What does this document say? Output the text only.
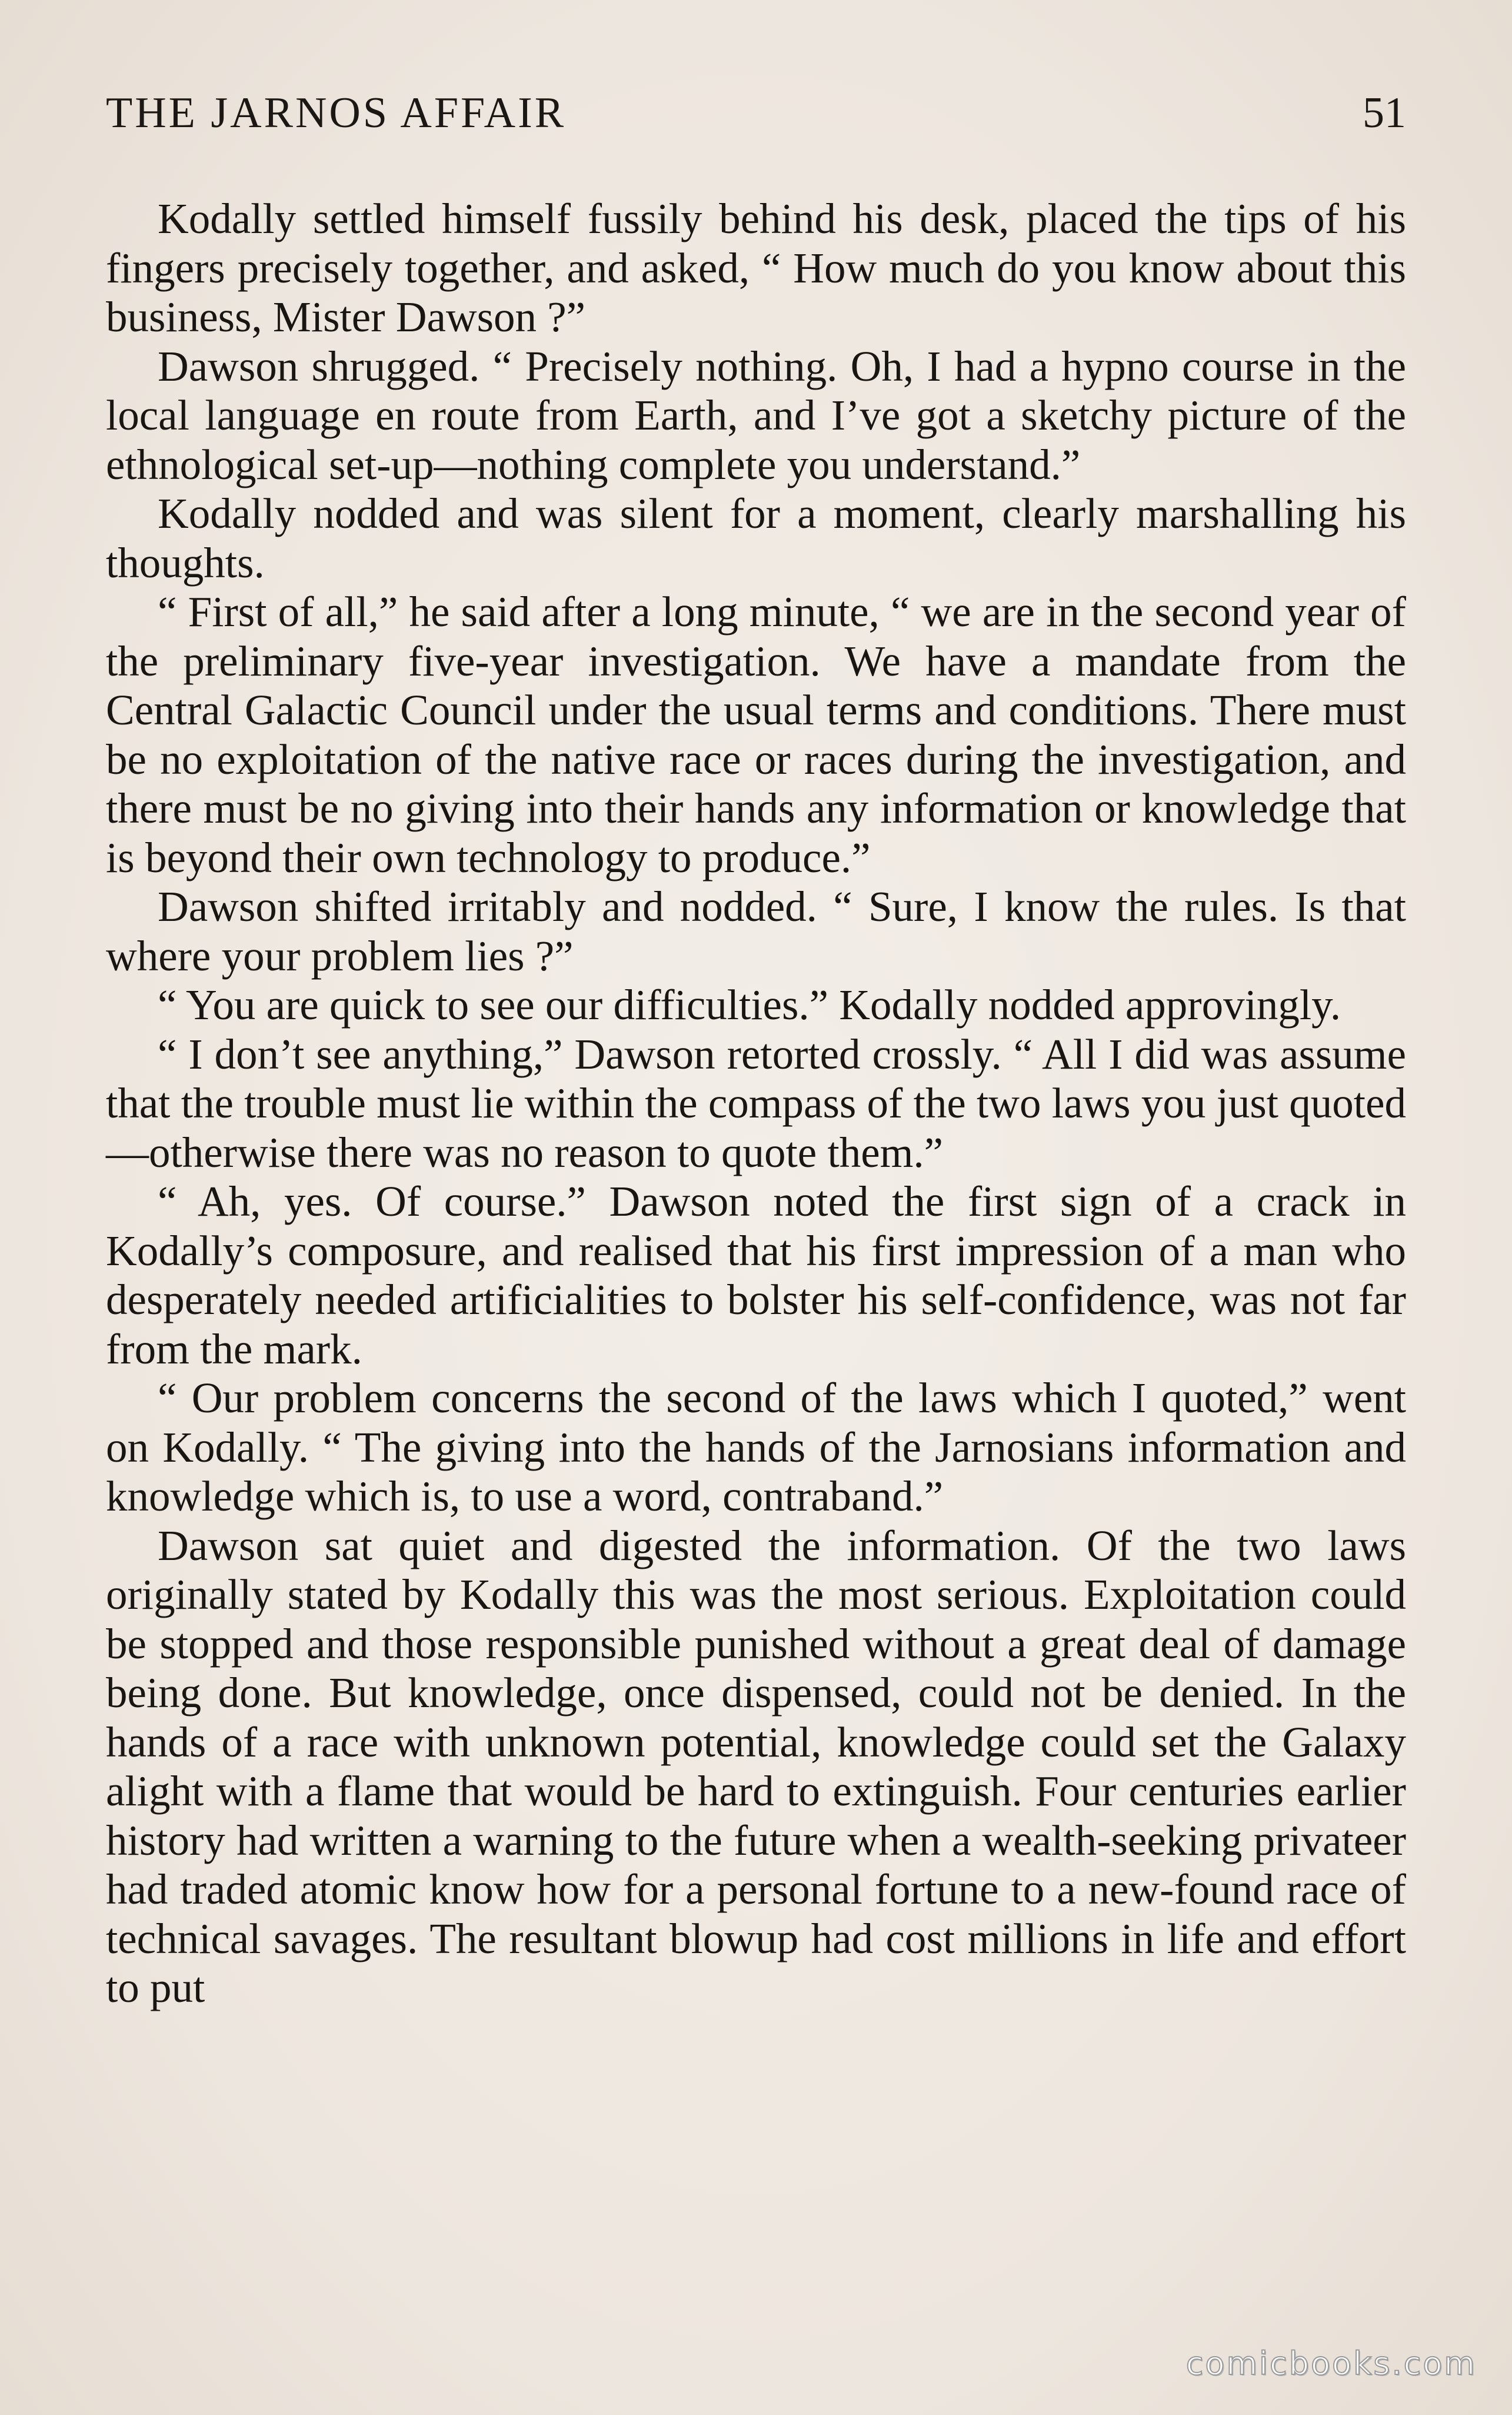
THE JARNOS AFFAIR	51

Kodally settled himself fussily behind his desk, placed the tips of his fingers precisely together, and asked, “ How much do you know about this business, Mister Dawson ?”

Dawson shrugged. “ Precisely nothing. Oh, I had a hypno course in the local language en route from Earth, and I’ve got a sketchy picture of the ethnological set-up—nothing complete you understand.”

Kodally nodded and was silent for a moment, clearly marshalling his thoughts.

“ First of all,” he said after a long minute, “ we are in the second year of the preliminary five-year investigation. We have a mandate from the Central Galactic Council under the usual terms and conditions. There must be no exploitation of the native race or races during the investigation, and there must be no giving into their hands any information or knowledge that is beyond their own technology to produce.”

Dawson shifted irritably and nodded. “ Sure, I know the rules. Is that where your problem lies ?”

“ You are quick to see our difficulties.” Kodally nodded approvingly.

“ I don’t see anything,” Dawson retorted crossly. “ All I did was assume that the trouble must lie within the compass of the two laws you just quoted—otherwise there was no reason to quote them.”

“ Ah, yes. Of course.” Dawson noted the first sign of a crack in Kodally’s composure, and realised that his first impression of a man who desperately needed artificialities to bolster his self-confidence, was not far from the mark.

“ Our problem concerns the second of the laws which I quoted,” went on Kodally. “ The giving into the hands of the Jarnosians information and knowledge which is, to use a word, contraband.”

Dawson sat quiet and digested the information. Of the two laws originally stated by Kodally this was the most serious. Exploitation could be stopped and those responsible punished without a great deal of damage being done. But knowledge, once dispensed, could not be denied. In the hands of a race with unknown potential, knowledge could set the Galaxy alight with a flame that would be hard to extinguish. Four centuries earlier history had written a warning to the future when a wealth-seeking privateer had traded atomic know how for a personal fortune to a new-found race of technical savages. The resultant blowup had cost millions in life and effort to put

comicbooks.com
